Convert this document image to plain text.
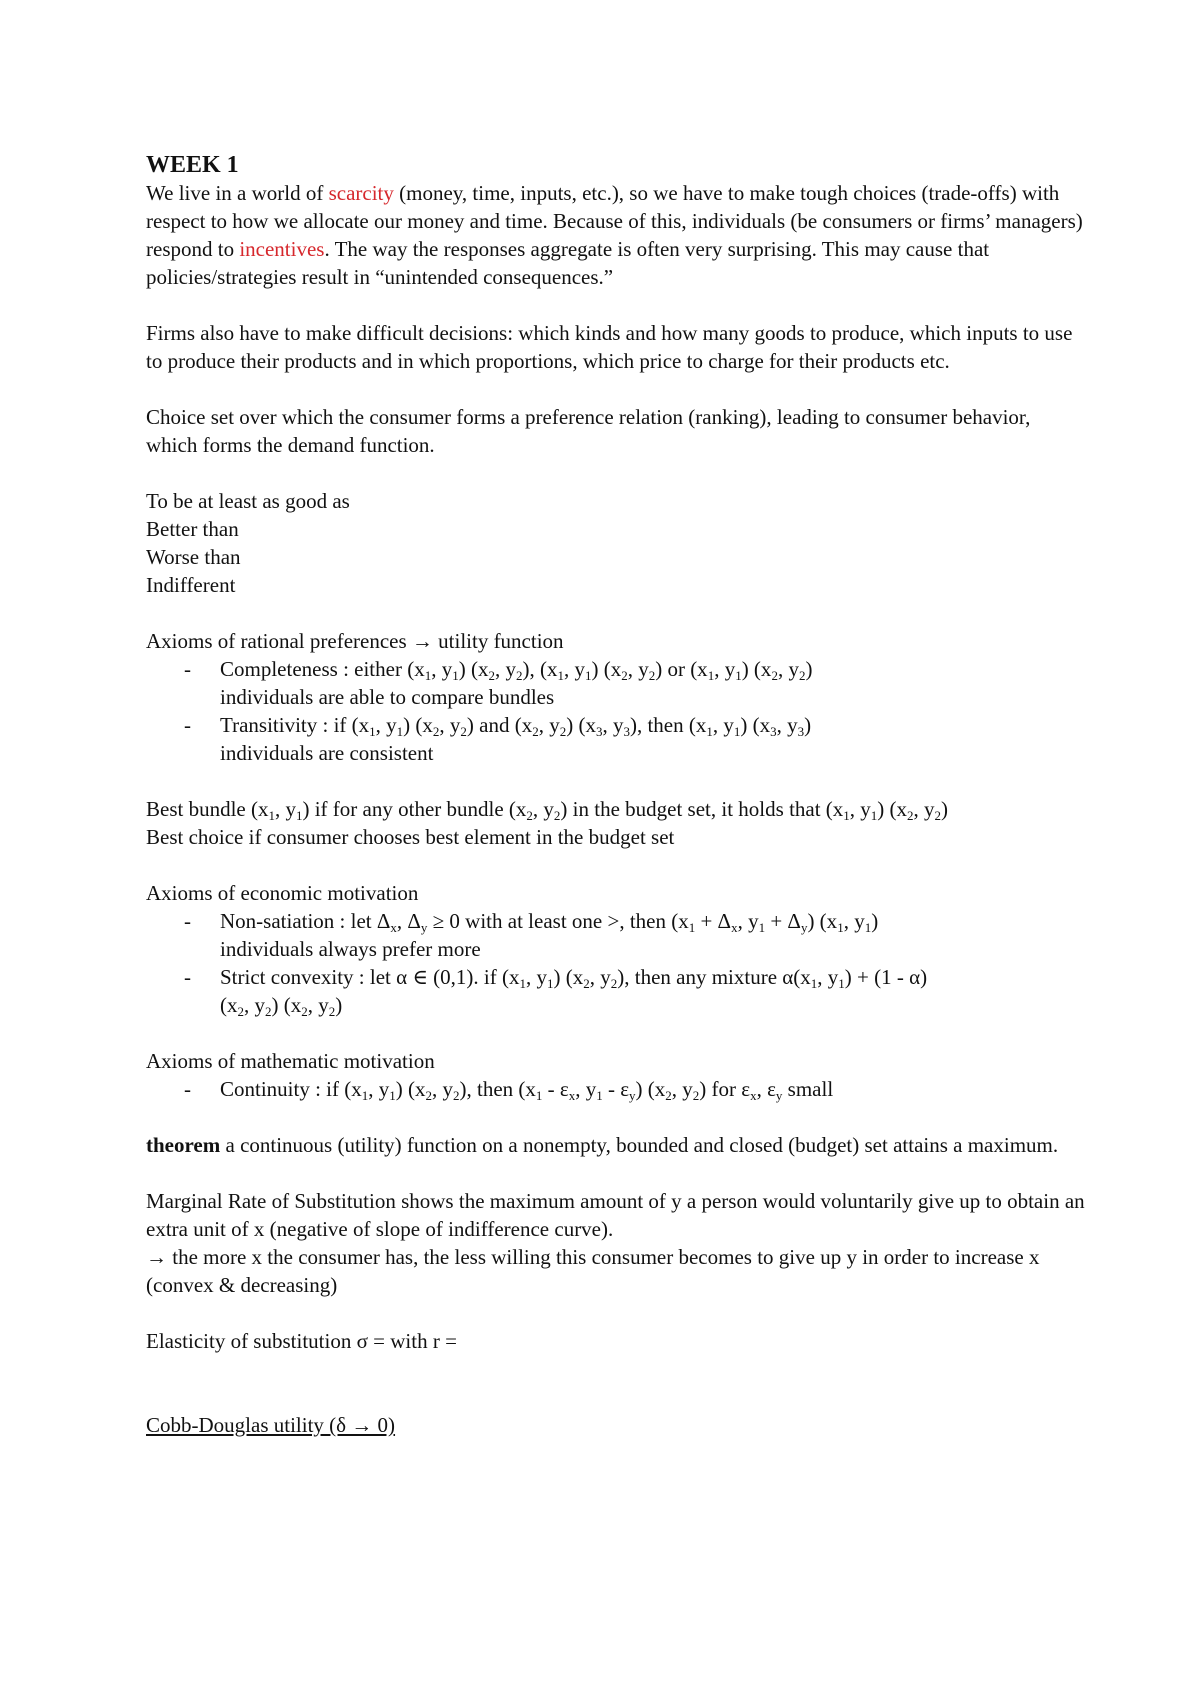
WEEK 1

We live in a world of scarcity (money, time, inputs, etc.), so we have to make tough choices (trade-offs) with respect to how we allocate our money and time. Because of this, individuals (be consumers or firms’ managers) respond to incentives. The way the responses aggregate is often very surprising. This may cause that policies/strategies result in “unintended consequences.”

Firms also have to make difficult decisions: which kinds and how many goods to produce, which inputs to use to produce their products and in which proportions, which price to charge for their products etc.

Choice set over which the consumer forms a preference relation (ranking), leading to consumer behavior, which forms the demand function.

To be at least as good as

Better than

Worse than

Indifferent

Axioms of rational preferences → utility function

- Completeness : either ($x_1$, $y_1$) ($x_2$, $y_2$), ($x_1$, $y_1$) ($x_2$, $y_2$) or ($x_1$, $y_1$) ($x_2$, $y_2$)
individuals are able to compare bundles
- Transitivity : if ($x_1$, $y_1$) ($x_2$, $y_2$) and ($x_2$, $y_2$) ($x_3$, $y_3$), then ($x_1$, $y_1$) ($x_3$, $y_3$)
individuals are consistent

Best bundle ($x_1$, $y_1$) if for any other bundle ($x_2$, $y_2$) in the budget set, it holds that ($x_1$, $y_1$) ($x_2$, $y_2$)

Best choice if consumer chooses best element in the budget set

Axioms of economic motivation

- Non-satiation : let $\Delta_x$, $\Delta_y \ge 0$ with at least one >, then ($x_1 + \Delta_x$, $y_1 + \Delta_y$) ($x_1$, $y_1$)
individuals always prefer more
- Strict convexity : let α ∈ (0,1). if ($x_1$, $y_1$) ($x_2$, $y_2$), then any mixture $\alpha(x_1$, $y_1) + (1 - \alpha)$
($x_2$, $y_2$) ($x_2$, $y_2$)

Axioms of mathematic motivation

- Continuity : if ($x_1$, $y_1$) ($x_2$, $y_2$), then ($x_1 - \varepsilon_x$, $y_1 - \varepsilon_y$) ($x_2$, $y_2$) for $\varepsilon_x$, $\varepsilon_y$ small

theorem a continuous (utility) function on a nonempty, bounded and closed (budget) set attains a maximum.

Marginal Rate of Substitution shows the maximum amount of y a person would voluntarily give up to obtain an extra unit of x (negative of slope of indifference curve).

→ the more x the consumer has, the less willing this consumer becomes to give up y in order to increase x (convex & decreasing)

Elasticity of substitution σ = with r =

Cobb-Douglas utility (δ → 0)
